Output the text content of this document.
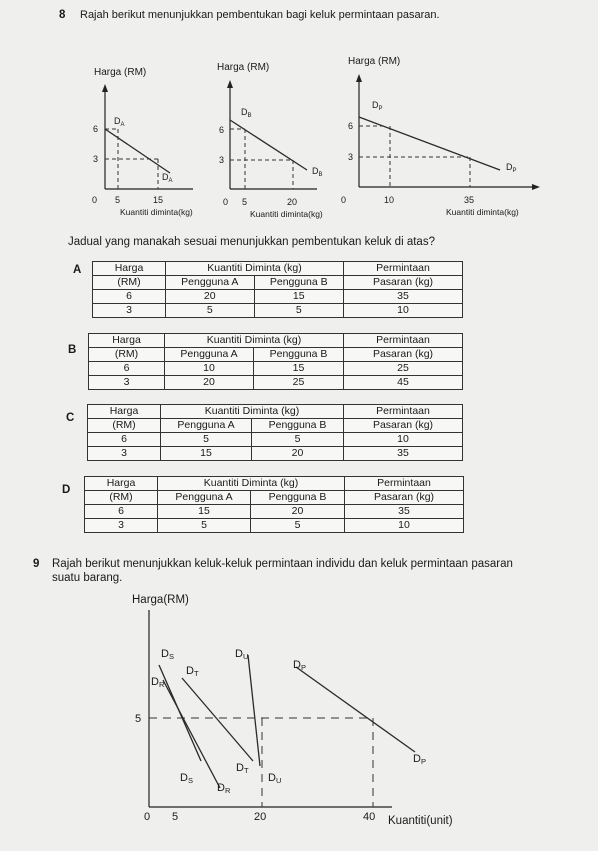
8 Rajah berikut menunjukkan pembentukan bagi keluk permintaan pasaran.
Harga (RM)
$D_A$
$D_A$
6
3
0 5	15
Kuantiti diminta(kg)
Harga (RM)
$D_B$
$D_B$
6
3
0 5	20
Kuantiti diminta(kg)
Harga (RM)
$D_P$
$D_P$
6
3
0	10	35
Kuantiti diminta(kg)
Jadual yang manakah sesuai menunjukkan pembentukan keluk di atas?
A	Harga	Kuantiti Diminta (kg)		Permintaan
(RM)	Pengguna A	Pengguna B	Pasaran (kg)
6	20	15	35
3	5	5	10
B
Harga	Kuantiti Diminta (kg)		Permintaan
(RM)	Pengguna A	Pengguna B	Pasaran (kg)
6	10	15	25
3	20	25	45
C
Harga	Kuantiti Diminta (kg)		Permintaan
(RM)	Pengguna A	Pengguna B	Pasaran (kg)
6	5	5	10
3	15	20	35
D
Harga	Kuantiti Diminta (kg)		Permintaan
(RM)	Pengguna A	Pengguna B	Pasaran (kg)
6	15	20	35
3	5	5	10
9 Rajah berikut menunjukkan keluk-keluk permintaan individu dan keluk permintaan pasaran
suatu barang.
Harga(RM)
DS	DU
DP
DT
DR
DS
DT
DR
DU
DP
5
0 5	20	40 Kuantiti(unit)
